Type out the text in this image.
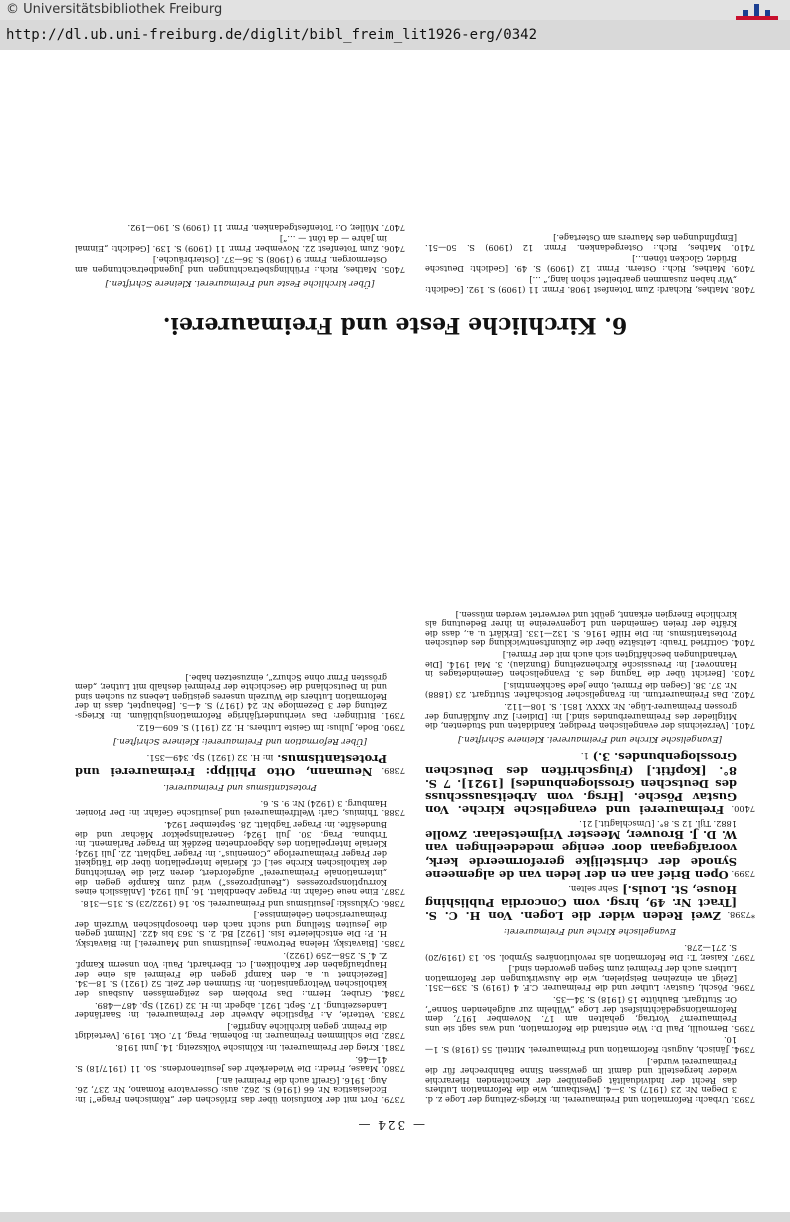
© Universitätsbibliothek Freiburg
http://dl.ub.uni-freiburg.de/diglit/bibl_freim_lit1926-erg/0342
— 324 —
7379. Fort mit der Konfusion über das Erlöschen der „Römischen Frage“! in: Ecclesiastica Nr. 66 (1916) S. 262. aus: Osservatore Romano, Nr. 237, 26. Aug. 1916. [Greift auch die Freimrei an.]
7380. Maase, Friedr.: Die Wiederkehr des Jesuitenordens. So. 11 (1917/18) S. 41—46.
7381. Krieg der Freimaurerei. in: Kölnische Volkszeitg. 14. Juni 1918.
7382. Die schlimmen Freimaurer. in: Bohemia. Prag, 17. Okt. 1919. [Verteidigt die Freimr. gegen kirchliche Angriffe.]
7383. Vetterle, A.: Päpstliche Abwehr der Freimaurerei. in: Saarländer Landeszeitung. 17. Sept. 1921. abgedr. in: H. 32 (1921) Sp. 487—489.
7384. Gruber, Herm.: Das Problem des zeitgemässen Ausbaus der katholischen Weltorganisation. in: Stimmen der Zeit. 52 (1921) S. 18—34. [Bezeichnet u. a. den Kampf gegen die Freimrei als eine der Hauptaufgaben der Katholiken.] ct. Eberhardt, Paul: Von unserm Kampf. Z. 4. S. 258—259 (1922).
7385. [Biavatsky, Helena Petrowna: Jesuitismus und Maurerei.] in: Biavatsky, H. P.: Die entschleierte Isis. [1922] Bd. 2. S. 363 bis 422. [Nimmt gegen die Jesuiten Stellung und sucht nach den theosophischen Wurzeln der freimaurerischen Geheimnisse.]
7386. Cyklusski: Jesuitismus und Freimaurerei. So. 16 (1922/23) S. 315—318.
7387. Eine neue Gefahr. in: Prager Abendblatt. 16. Juli 1924. [Anlässlich eines Korruptionsprozesses („Reuniprozess“) wird zum Kampfe gegen die „internationale Freimaurerei“ aufgefordert, deren Ziel die Vernichtung der katholischen Kirche sei.] cf. Kleriale Interpellation über die Tätigkeit der Prager Freimaurerloge „Comenius“. in: Prager Tagblatt. 22. Juli 1924; Kleriale Interpellation des Abgeordneten Bezděk im Prager Parlament. in: Tribuna. Prag. 30. Juli 1924; Generalinspektor Mächar und die Bundesäfte. in: Prager Tagblatt. 28. September 1924.
7388. Thimius, Carl: Weltfreimaurerei und jesuitische Gefahr. in: Der Pionier. Hamburg. 3 (1924) Nr. 9. S. 6.
Protestantismus und Freimaurerei.
7389. Neumann, Otto Philipp: Freimaurerei und Protestantismus. in: H. 32 (1921) Sp. 349—351.
[Über Reformation und Freimaurerei: Kleinere Schriften.]
7390. Bode, Julius: Im Geiste Luthers. H. 22 (1911) S. 609—612.
7391. Bittlinger: Das vierhundertjährige Reformationsjubiläum. in: Kriegs-Zeitung der 3 Dezemloge Nr. 24 (1917) S. 4—5. [Behauptet, dass in der Reformation Luthers die Wurzeln unseres geistigen Lebens zu suchen sind und in Deutschland die Geschichte der Freimrei deshalb mit Luther, „dem grössten Frmr ohne Schurz“, einzusetzen habe.]
7393. Urbach: Reformation und Freimaurerei. in: Kriegs-Zeitung der Loge z. d. 3 Degen Nr. 23 (1917) S. 3—4. [Westbaum, wie die Reformation Luthers das Recht der Individualität gegenüber der knechtenden Hierarchie wieder hergestellt und damit im gewissen Sinne Bahnbrecher für die Freimaurerei wurde.]
7394. Jänisch, August: Reformation und Freimaurerei. Mitteil. 55 (1918) S. 1—10.
7395. Bernoulli, Paul D.: Wie entstand die Reformation, und was sagt sie uns Freimaurern? Vortrag, gehalten am 17. November 1917, dem Reformationsgedächtnisfest der Loge „Wilhelm zur aufgehenden Sonne“, Or. Stuttgart. Bauhütte 15 (1918) S. 34—35.
7396. Pöschl, Gustav: Luther und die Freimaurer. C.F. 4 (1919) S. 339—351. [Zeigt an einzelnen Beispielen, wie die Auswirkungen der Reformation Luthers auch der Freimrei zum Segen geworden sind.]
7397. Kaiser, T.: Die Reformation als revolutionäres Symbol. So. 13 (1919/20) S. 271—278.
Evangelische Kirche und Freimaurerei:
*7398. Zwei Reden wider die Logen. Von H. C. S. [Tract Nr. 49, hrsg. vom Concordia Publishing House, St. Louis.] Sehr selten.
7399. Open Brief aan en der leden van de algemeene Synode der christelijke gereformeerde kerk, voorafgegaan door eenige mededeelingen van W. D. J. Brouwer, Meester Vrijmetselaar. Zwolle 1882. Tijl. 12 S. 8°. [Umschlagtit.] 21.
7400. Freimaurerei und evangelische Kirche. Von Gustav Pösche. [Hrsg. vom Arbeitsausschuss des Deutschen Grosslogenbundes] [1921]. 7 S. 8°. [Kopftit.] (Flugschriften des Deutschen Grosslogenbundes. 3.) 1.
[Evangelische Kirche und Freimaurerei. Kleinere Schriften.]
7401. [Verzeichnis der evangelischen Prediger, Kandidaten und Studenten, die Mitglieder des Freimaurerbundes sind.] in: [Didier:] Zur Aufklärung der grossen Freimaurer-Lüge. Nr. XXXV. 1851. S. 108—112.
7402. Das Freimaurertum. in: Evangelischer Botschafter. Stuttgart. 23 (1888) Nr. 37. 38. [Gegen die Frmrei, ohne jede Sachkenntnis.]
7403. [Bericht über die Tagung des 3. Evangelischen Gemeindetages in Hannover.] in: Preussische Kirchenzeitung (Bunzlau). 3. Mai 1914. [Die Verhandlungen beschäftigten sich auch mit der Frmrei.]
7404. Gottfried Traub: Leitsätze über die Zukunftsentwicklung des deutschen Protestantismus. in: Die Hilfe 1916. S. 132—133. [Erklärt u. a., dass die Kräfte der freien Gemeinden und Logenvereine in ihrer Bedeutung als kirchliche Energien erkannt, geübt und verwertet werden müssen.]
6. Kirchliche Feste und Freimaurerei.
[Über kirchliche Feste und Freimaurerei. Kleinere Schriften.]
7405. Mathes, Rich.: Frühlingsbetrachtungen und Jugendbetrachtungen am Ostermorgen. Frmr. 9 (1908) S. 36—37. [Osterbräuche.]
7406. Zum Totenfest 22. November. Frmr. 11 (1909) S. 139. [Gedicht: „Einmal im Jahre — da tönt — …“]
7407. Müller, O.: Totenfestgedanken. Frmr. 11 (1909) S. 190—192.
7408. Mathes, Richard: Zum Totenfest 1908. Frmr. 11 (1909) S. 192. [Gedicht: „Wir haben zusammen gearbeitet schon lang,“ …]
7409. Mathes, Rich.: Ostern. Frmr. 12 (1909) S. 49. [Gedicht: Deutsche Brüder, Glocken tönen…]
7410. Mathes, Rich.: Ostergedanken. Frmr. 12 (1909) S. 50—51. [Empfindungen des Maurers am Ostertage.]
